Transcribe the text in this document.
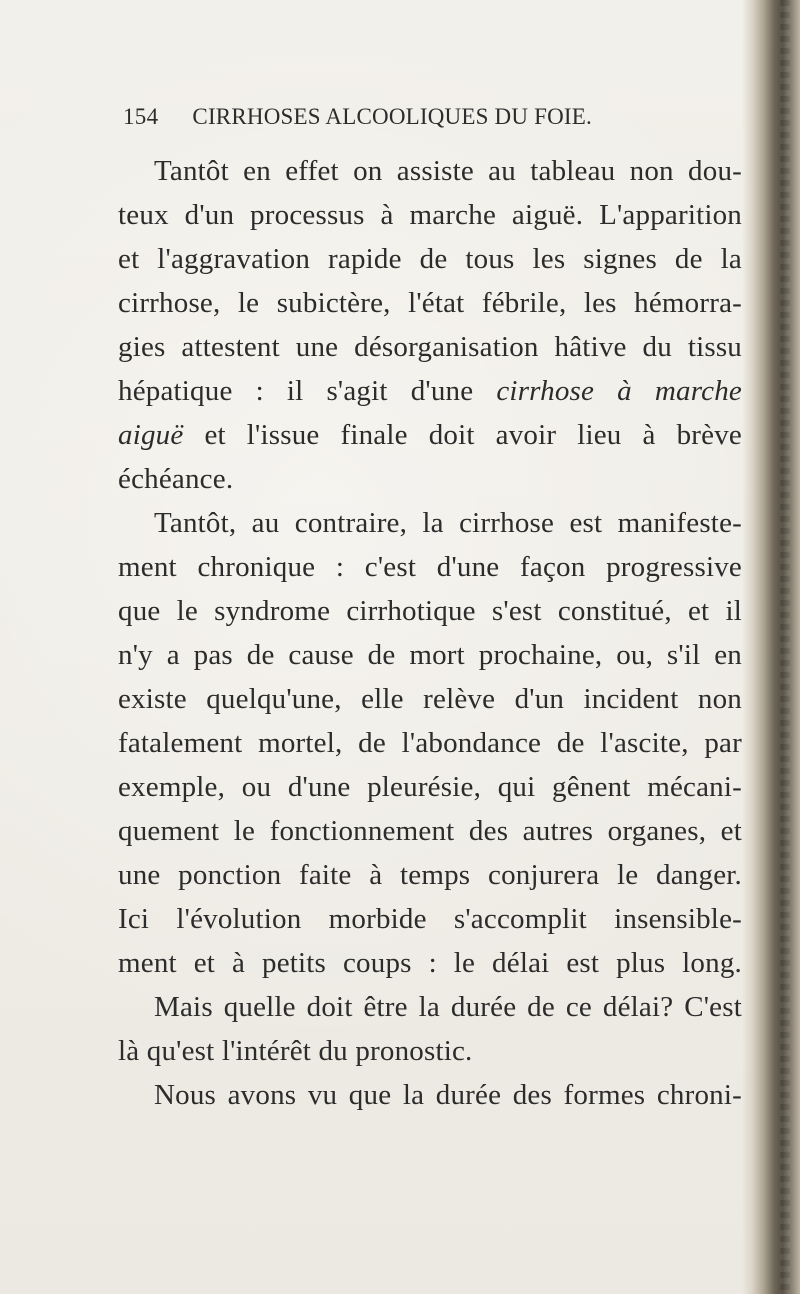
154 CIRRHOSES ALCOOLIQUES DU FOIE.
Tantôt en effet on assiste au tableau non dou-
teux d'un processus à marche aiguë. L'apparition
et l'aggravation rapide de tous les signes de la
cirrhose, le subictère, l'état fébrile, les hémorra-
gies attestent une désorganisation hâtive du tissu
hépatique : il s'agit d'une cirrhose à marche
aiguë et l'issue finale doit avoir lieu à brève
échéance.
Tantôt, au contraire, la cirrhose est manifeste-
ment chronique : c'est d'une façon progressive
que le syndrome cirrhotique s'est constitué, et il
n'y a pas de cause de mort prochaine, ou, s'il en
existe quelqu'une, elle relève d'un incident non
fatalement mortel, de l'abondance de l'ascite, par
exemple, ou d'une pleurésie, qui gênent mécani-
quement le fonctionnement des autres organes, et
une ponction faite à temps conjurera le danger.
Ici l'évolution morbide s'accomplit insensible-
ment et à petits coups : le délai est plus long.
Mais quelle doit être la durée de ce délai? C'est
là qu'est l'intérêt du pronostic.
Nous avons vu que la durée des formes chroni-
